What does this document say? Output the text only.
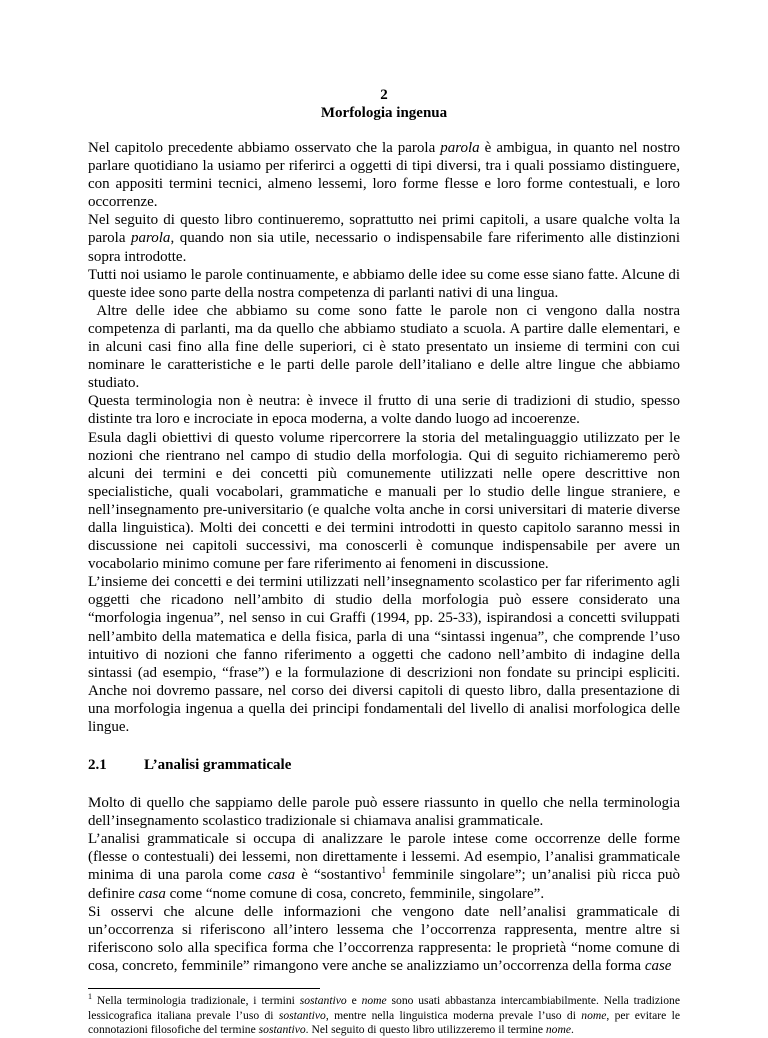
2

Morfologia ingenua

Nel capitolo precedente abbiamo osservato che la parola parola è ambigua, in quanto nel nostro parlare quotidiano la usiamo per riferirci a oggetti di tipi diversi, tra i quali possiamo distinguere, con appositi termini tecnici, almeno lessemi, loro forme flesse e loro forme contestuali, e loro occorrenze.

Nel seguito di questo libro continueremo, soprattutto nei primi capitoli, a usare qualche volta la parola parola, quando non sia utile, necessario o indispensabile fare riferimento alle distinzioni sopra introdotte.

Tutti noi usiamo le parole continuamente, e abbiamo delle idee su come esse siano fatte. Alcune di queste idee sono parte della nostra competenza di parlanti nativi di una lingua.

Altre delle idee che abbiamo su come sono fatte le parole non ci vengono dalla nostra competenza di parlanti, ma da quello che abbiamo studiato a scuola. A partire dalle elementari, e in alcuni casi fino alla fine delle superiori, ci è stato presentato un insieme di termini con cui nominare le caratteristiche e le parti delle parole dell’italiano e delle altre lingue che abbiamo studiato.

Questa terminologia non è neutra: è invece il frutto di una serie di tradizioni di studio, spesso distinte tra loro e incrociate in epoca moderna, a volte dando luogo ad incoerenze.

Esula dagli obiettivi di questo volume ripercorrere la storia del metalinguaggio utilizzato per le nozioni che rientrano nel campo di studio della morfologia. Qui di seguito richiameremo però alcuni dei termini e dei concetti più comunemente utilizzati nelle opere descrittive non specialistiche, quali vocabolari, grammatiche e manuali per lo studio delle lingue straniere, e nell’insegnamento pre-universitario (e qualche volta anche in corsi universitari di materie diverse dalla linguistica). Molti dei concetti e dei termini introdotti in questo capitolo saranno messi in discussione nei capitoli successivi, ma conoscerli è comunque indispensabile per avere un vocabolario minimo comune per fare riferimento ai fenomeni in discussione.

L’insieme dei concetti e dei termini utilizzati nell’insegnamento scolastico per far riferimento agli oggetti che ricadono nell’ambito di studio della morfologia può essere considerato una “morfologia ingenua”, nel senso in cui Graffi (1994, pp. 25-33), ispirandosi a concetti sviluppati nell’ambito della matematica e della fisica, parla di una “sintassi ingenua”, che comprende l’uso intuitivo di nozioni che fanno riferimento a oggetti che cadono nell’ambito di indagine della sintassi (ad esempio, “frase”) e la formulazione di descrizioni non fondate su principi espliciti. Anche noi dovremo passare, nel corso dei diversi capitoli di questo libro, dalla presentazione di una morfologia ingenua a quella dei principi fondamentali del livello di analisi morfologica delle lingue.

2.1	L’analisi grammaticale

Molto di quello che sappiamo delle parole può essere riassunto in quello che nella terminologia dell’insegnamento scolastico tradizionale si chiamava analisi grammaticale.

L’analisi grammaticale si occupa di analizzare le parole intese come occorrenze delle forme (flesse o contestuali) dei lessemi, non direttamente i lessemi. Ad esempio, l’analisi grammaticale minima di una parola come casa è “sostantivo$^1$ femminile singolare”; un’analisi più ricca può definire casa come “nome comune di cosa, concreto, femminile, singolare”.

Si osservi che alcune delle informazioni che vengono date nell’analisi grammaticale di un’occorrenza si riferiscono all’intero lessema che l’occorrenza rappresenta, mentre altre si riferiscono solo alla specifica forma che l’occorrenza rappresenta: le proprietà “nome comune di cosa, concreto, femminile” rimangono vere anche se analizziamo un’occorrenza della forma case

$^1$ Nella terminologia tradizionale, i termini sostantivo e nome sono usati abbastanza intercambiabilmente. Nella tradizione lessicografica italiana prevale l’uso di sostantivo, mentre nella linguistica moderna prevale l’uso di nome, per evitare le connotazioni filosofiche del termine sostantivo. Nel seguito di questo libro utilizzeremo il termine nome.
